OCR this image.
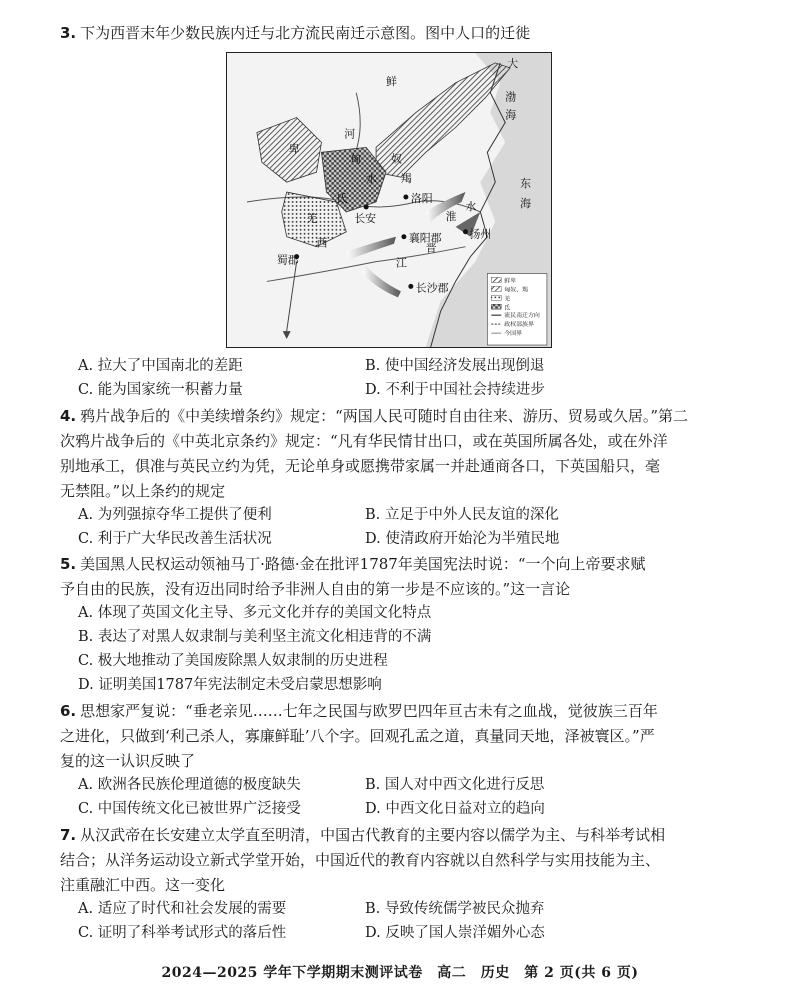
3. 下为西晋末年少数民族内迁与北方流民南迁示意图。图中人口的迁徙
鲜
卑
河
匈	奴
羯
水
洛阳
羌
氐
长安
西	襄阳郡
晋
淮
水
扬州
蜀郡	江
长沙郡
渤
海
东
海
大
鲜卑
匈奴、羯
羌
氐
流民南迁方向
政权部族界
今国界
A. 拉大了中国南北的差距	B. 使中国经济发展出现倒退
C. 能为国家统一积蓄力量	D. 不利于中国社会持续进步
4. 鸦片战争后的《中美续增条约》规定：“两国人民可随时自由往来、游历、贸易或久居。”第二
次鸦片战争后的《中英北京条约》规定：“凡有华民情甘出口，或在英国所属各处，或在外洋
别地承工，俱准与英民立约为凭，无论单身或愿携带家属一并赴通商各口，下英国船只，毫
无禁阻。”以上条约的规定
A. 为列强掠夺华工提供了便利	B. 立足于中外人民友谊的深化
C. 利于广大华民改善生活状况	D. 使清政府开始沦为半殖民地
5. 美国黑人民权运动领袖马丁·路德·金在批评1787年美国宪法时说：“一个向上帝要求赋
予自由的民族，没有迈出同时给予非洲人自由的第一步是不应该的。”这一言论
A. 体现了英国文化主导、多元文化并存的美国文化特点
B. 表达了对黑人奴隶制与美利坚主流文化相违背的不满
C. 极大地推动了美国废除黑人奴隶制的历史进程
D. 证明美国1787年宪法制定未受启蒙思想影响
6. 思想家严复说：“垂老亲见……七年之民国与欧罗巴四年亘古未有之血战，觉彼族三百年
之进化，只做到‘利己杀人，寡廉鲜耻’八个字。回观孔孟之道，真量同天地，泽被寰区。”严
复的这一认识反映了
A. 欧洲各民族伦理道德的极度缺失	B. 国人对中西文化进行反思
C. 中国传统文化已被世界广泛接受	D. 中西文化日益对立的趋向
7. 从汉武帝在长安建立太学直至明清，中国古代教育的主要内容以儒学为主、与科举考试相
结合；从洋务运动设立新式学堂开始，中国近代的教育内容就以自然科学与实用技能为主、
注重融汇中西。这一变化
A. 适应了时代和社会发展的需要	B. 导致传统儒学被民众抛弃
C. 证明了科举考试形式的落后性	D. 反映了国人崇洋媚外心态
2024—2025 学年下学期期末测评试卷　高二　历史　第 2 页(共 6 页)
